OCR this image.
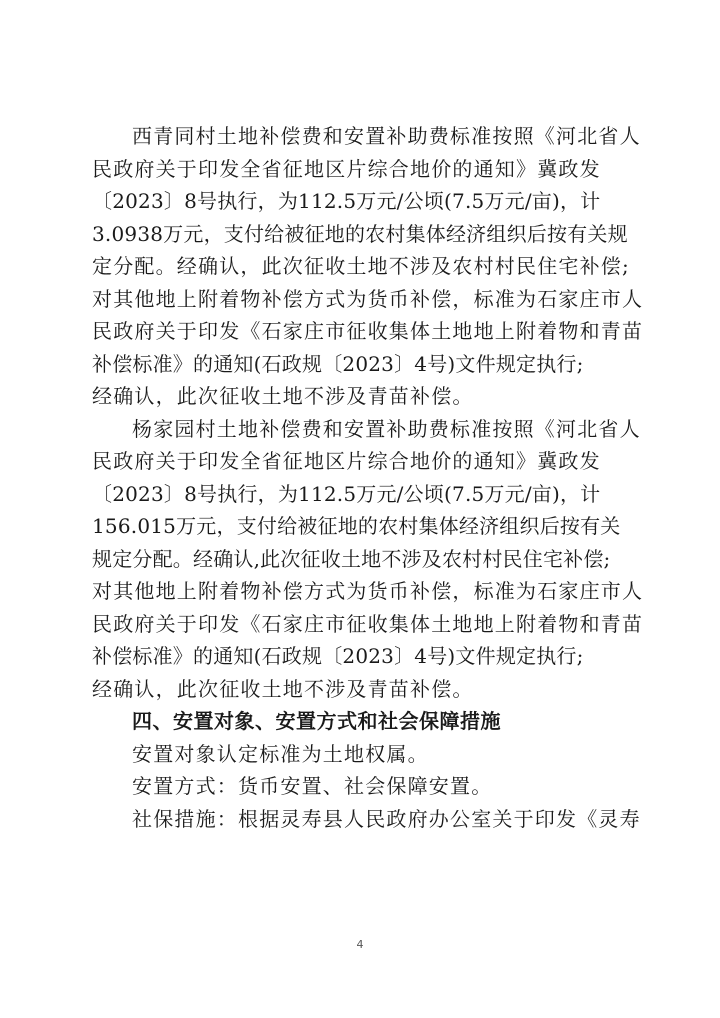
西青同村土地补偿费和安置补助费标准按照《河北省人
民政府关于印发全省征地区片综合地价的通知》冀政发
〔2023〕8号执行，为112.5万元/公顷(7.5万元/亩)，计
3.0938万元，支付给被征地的农村集体经济组织后按有关规
定分配。经确认，此次征收土地不涉及农村村民住宅补偿;
对其他地上附着物补偿方式为货币补偿，标准为石家庄市人
民政府关于印发《石家庄市征收集体土地地上附着物和青苗
补偿标准》的通知(石政规〔2023〕4号)文件规定执行;
经确认，此次征收土地不涉及青苗补偿。

杨家园村土地补偿费和安置补助费标准按照《河北省人
民政府关于印发全省征地区片综合地价的通知》冀政发
〔2023〕8号执行，为112.5万元/公顷(7.5万元/亩)，计
156.015万元，支付给被征地的农村集体经济组织后按有关
规定分配。经确认,此次征收土地不涉及农村村民住宅补偿;
对其他地上附着物补偿方式为货币补偿，标准为石家庄市人
民政府关于印发《石家庄市征收集体土地地上附着物和青苗
补偿标准》的通知(石政规〔2023〕4号)文件规定执行;
经确认，此次征收土地不涉及青苗补偿。

四、安置对象、安置方式和社会保障措施
安置对象认定标准为土地权属。
安置方式：货币安置、社会保障安置。
社保措施：根据灵寿县人民政府办公室关于印发《灵寿

4
